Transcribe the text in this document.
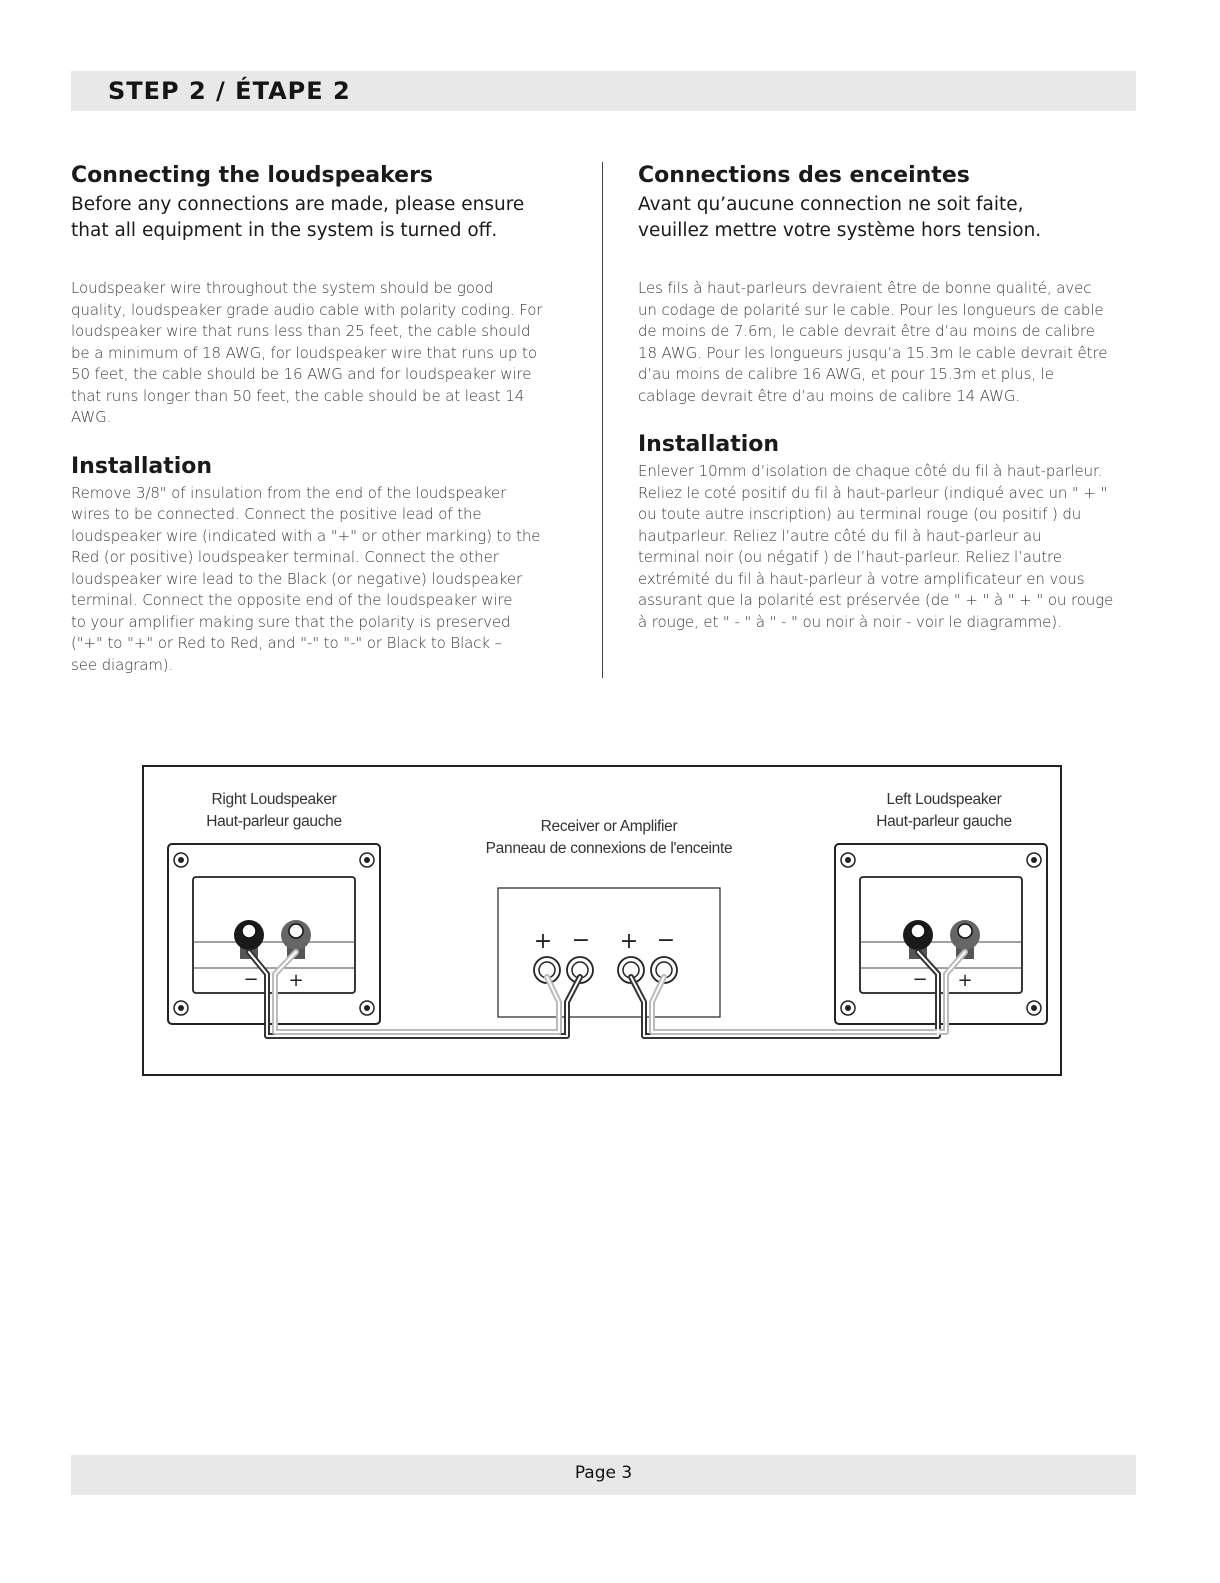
STEP 2 / ÉTAPE 2

Connecting the loudspeakers

Before any connections are made, please ensure
that all equipment in the system is turned off.

Loudspeaker wire throughout the system should be good
quality, loudspeaker grade audio cable with polarity coding. For
loudspeaker wire that runs less than 25 feet, the cable should
be a minimum of 18 AWG, for loudspeaker wire that runs up to
50 feet, the cable should be 16 AWG and for loudspeaker wire
that runs longer than 50 feet, the cable should be at least 14
AWG.

Installation

Remove 3/8" of insulation from the end of the loudspeaker
wires to be connected. Connect the positive lead of the
loudspeaker wire (indicated with a "+" or other marking) to the
Red (or positive) loudspeaker terminal. Connect the other
loudspeaker wire lead to the Black (or negative) loudspeaker
terminal. Connect the opposite end of the loudspeaker wire
to your amplifier making sure that the polarity is preserved
("+" to "+" or Red to Red, and "-" to "-" or Black to Black –
see diagram).

Connections des enceintes

Avant qu’aucune connection ne soit faite,
veuillez mettre votre système hors tension.

Les fils à haut-parleurs devraient être de bonne qualité, avec
un codage de polarité sur le cable. Pour les longueurs de cable
de moins de 7.6m, le cable devrait être d’au moins de calibre
18 AWG. Pour les longueurs jusqu’a 15.3m le cable devrait être
d’au moins de calibre 16 AWG, et pour 15.3m et plus, le
cablage devrait être d’au moins de calibre 14 AWG.

Installation

Enlever 10mm d’isolation de chaque côté du fil à haut-parleur.
Reliez le coté positif du fil à haut-parleur (indiqué avec un " + "
ou toute autre inscription) au terminal rouge (ou positif ) du
hautparleur. Reliez l’autre côté du fil à haut-parleur au
terminal noir (ou négatif ) de l’haut-parleur. Reliez l’autre
extrémité du fil à haut-parleur à votre amplificateur en vous
assurant que la polarité est préservée (de " + " à " + " ou rouge
à rouge, et " - " à " - " ou noir à noir - voir le diagramme).

− +	− +
+ − + −
Right Loudspeaker
Haut-parleur gauche	Receiver or Amplifier
Panneau de connexions de l'enceinte
Left Loudspeaker
Haut-parleur gauche
Page 3
